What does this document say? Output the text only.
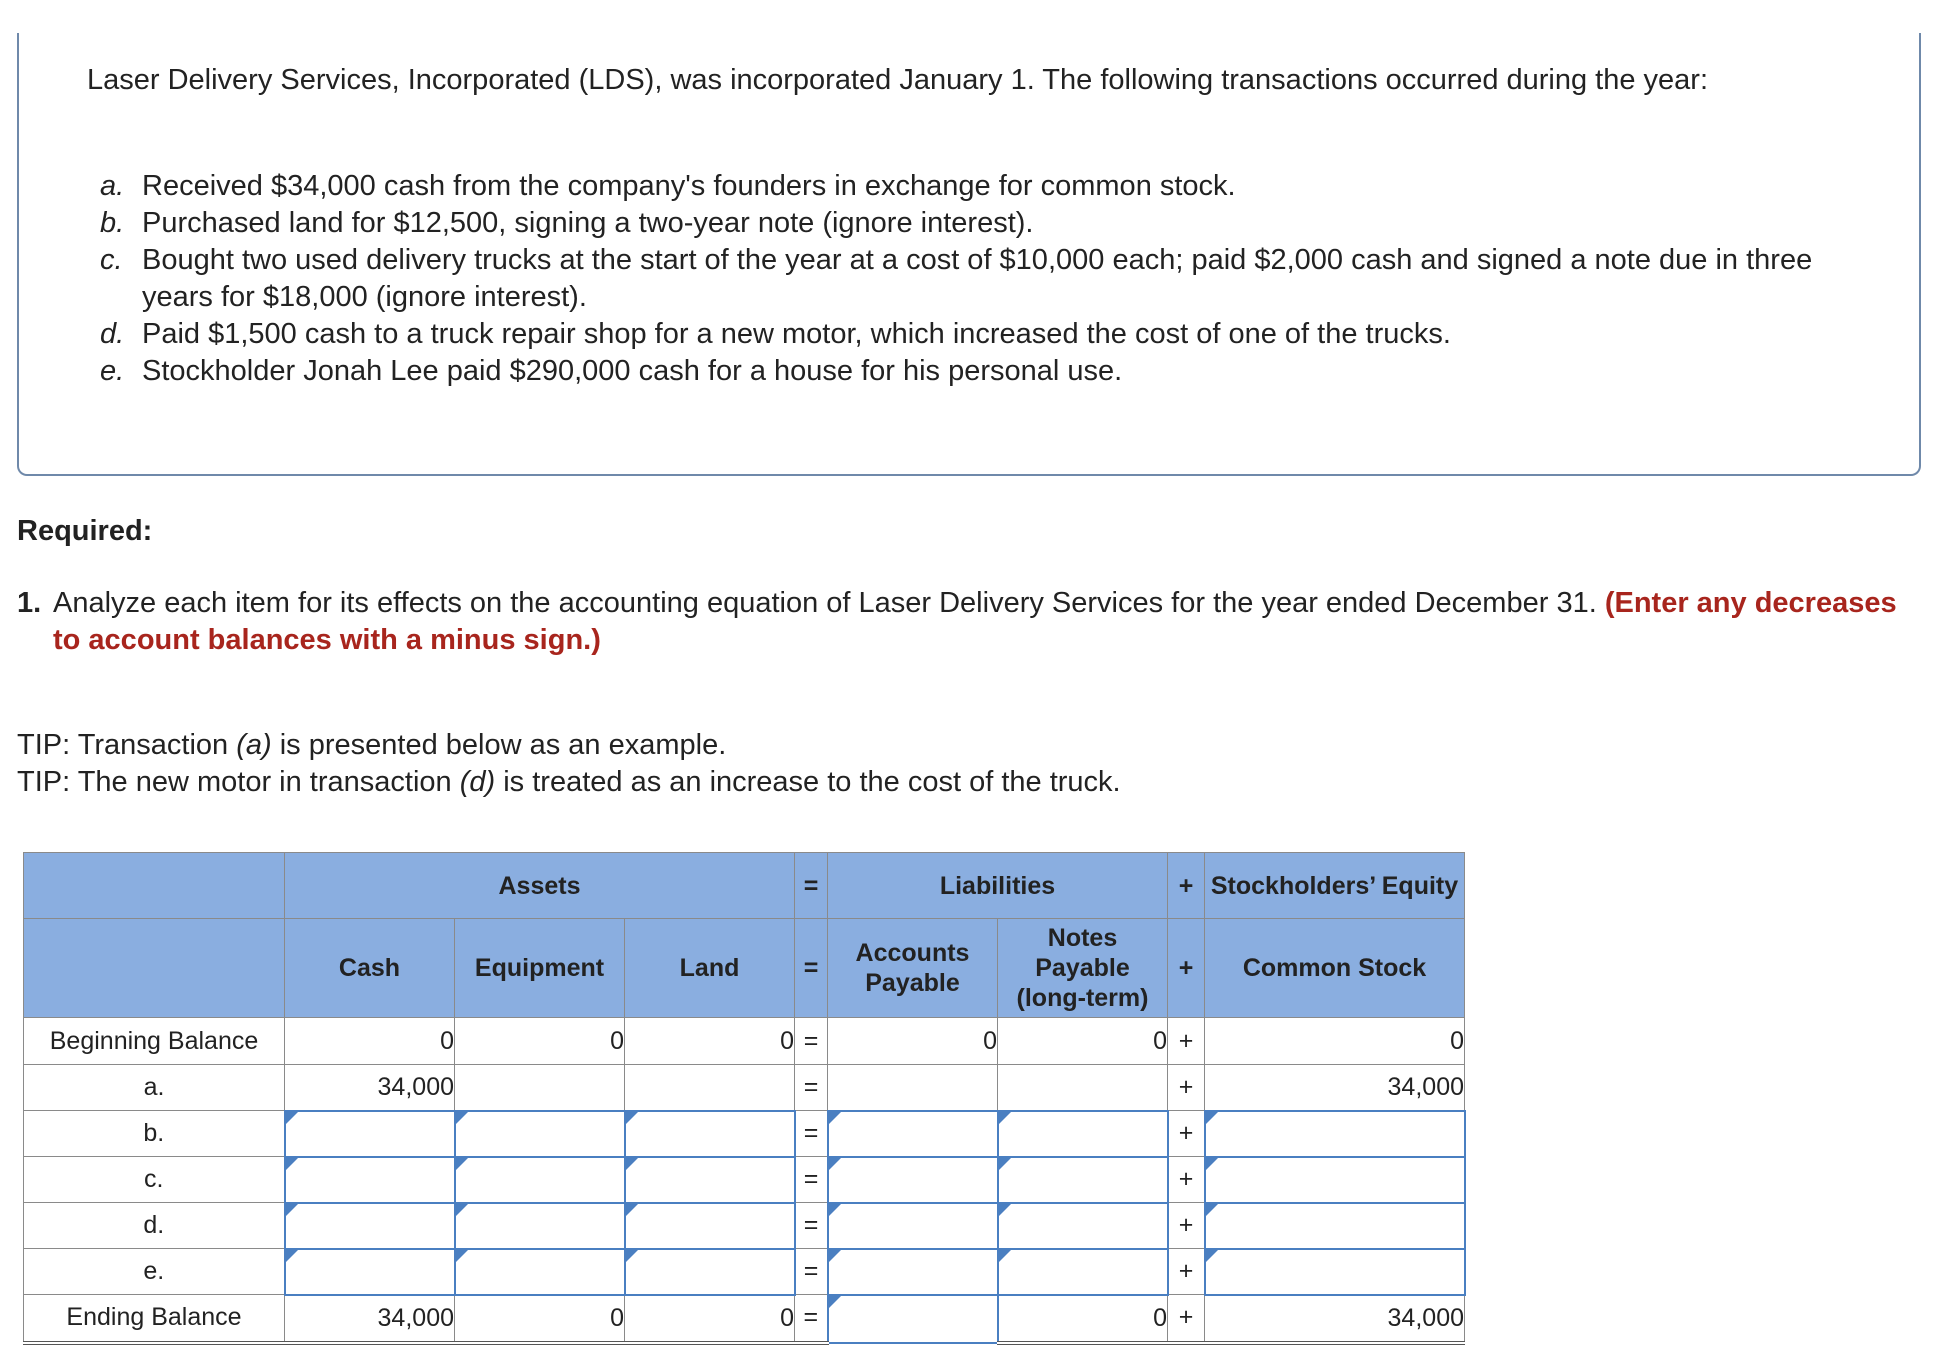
Laser Delivery Services, Incorporated (LDS), was incorporated January 1. The following transactions occurred during the year:

a. Received $34,000 cash from the company's founders in exchange for common stock.
b. Purchased land for $12,500, signing a two-year note (ignore interest).
c. Bought two used delivery trucks at the start of the year at a cost of $10,000 each; paid $2,000 cash and signed a note due in three years for $18,000 (ignore interest).
d. Paid $1,500 cash to a truck repair shop for a new motor, which increased the cost of one of the trucks.
e. Stockholder Jonah Lee paid $290,000 cash for a house for his personal use.
Required:
1. Analyze each item for its effects on the accounting equation of Laser Delivery Services for the year ended December 31. (Enter any decreases to account balances with a minus sign.)
TIP: Transaction (a) is presented below as an example.
TIP: The new motor in transaction (d) is treated as an increase to the cost of the truck.
	Assets			=	Liabilities		+	Stockholders’ Equity
	Cash	Equipment	Land	=	Accounts Payable	Notes Payable (long-term)	+	Common Stock
Beginning Balance	0	0	0	=	0	0	+	0
a.	34,000			=			+	34,000
b.				=			+	
c.				=			+	
d.				=			+	
e.				=			+	
Ending Balance	34,000	0	0	=		0	+	34,000
